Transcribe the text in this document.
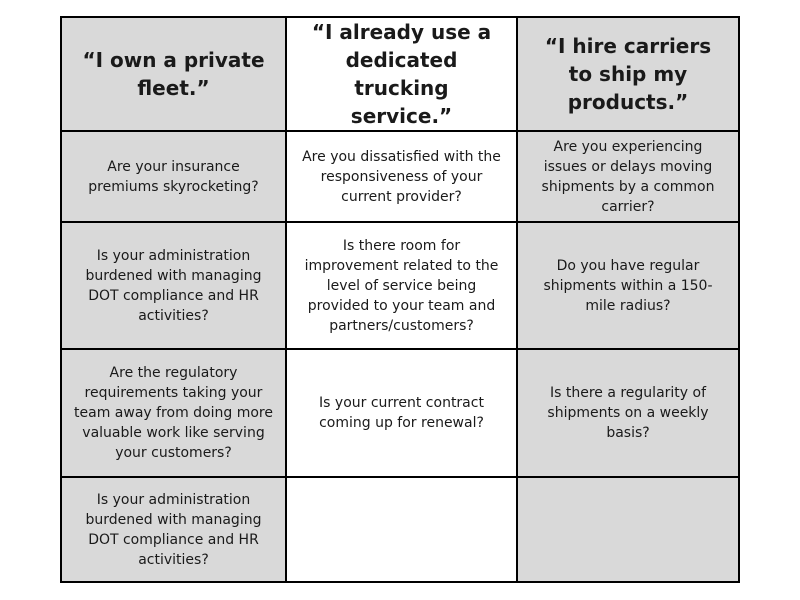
“I own a private fleet.”
“I already use a dedicated trucking service.”
“I hire carriers to ship my products.”
Are your insurance premiums skyrocketing?
Are you dissatisfied with the responsiveness of your current provider?
Are you experiencing issues or delays moving shipments by a common carrier?
Is your administration burdened with managing DOT compliance and HR activities?
Is there room for improvement related to the level of service being provided to your team and partners/customers?
Do you have regular shipments within a 150-mile radius?
Are the regulatory requirements taking your team away from doing more valuable work like serving your customers?
Is your current contract coming up for renewal?
Is there a regularity of shipments on a weekly basis?
Is your administration burdened with managing DOT compliance and HR activities?
